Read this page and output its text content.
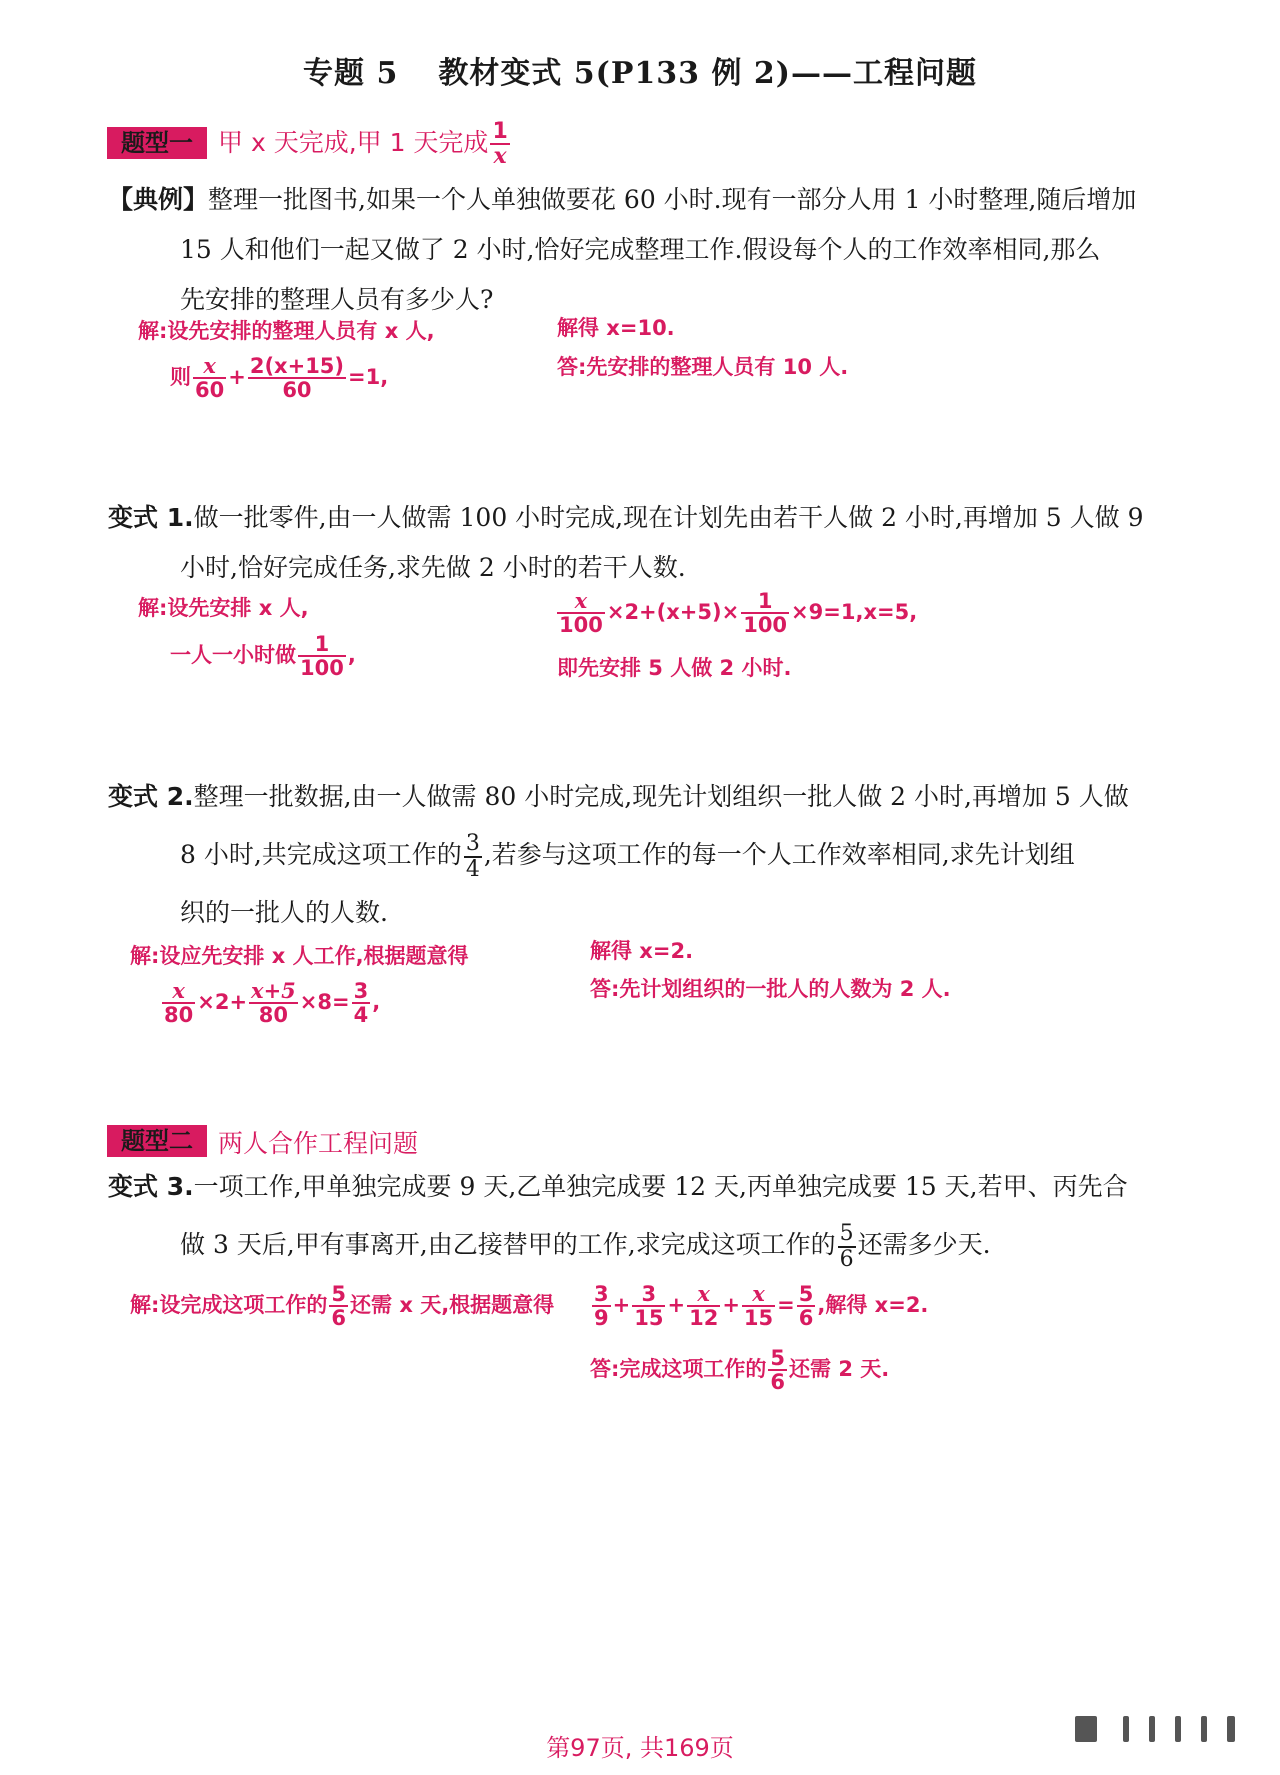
专题 5 教材变式 5(P133 例 2)——工程问题
题型一	甲 x 天完成,甲 1 天完成 $\frac{1}{x}$
【典例】整理一批图书,如果一个人单独做要花 60 小时.现有一部分人用 1 小时整理,随后增加
15 人和他们一起又做了 2 小时,恰好完成整理工作.假设每个人的工作效率相同,那么
先安排的整理人员有多少人?
解:设先安排的整理人员有 x 人,
则 $\frac{x}{60} + \frac{2(x+15)}{60} =1$,
解得 x=10.
答:先安排的整理人员有 10 人.
变式 1.做一批零件,由一人做需 100 小时完成,现在计划先由若干人做 2 小时,再增加 5 人做 9
小时,恰好完成任务,求先做 2 小时的若干人数.
解:设先安排 x 人,
一人一小时做 $\frac{1}{100}$ ,
$\frac{x}{100} \times 2+(x+5)\times \frac{1}{100} \times 9=1,x=5$,
即先安排 5 人做 2 小时.
变式 2.整理一批数据,由一人做需 80 小时完成,现先计划组织一批人做 2 小时,再增加 5 人做
8 小时,共完成这项工作的 $\frac{3}{4}$ ,若参与这项工作的每一个人工作效率相同,求先计划组
织的一批人的人数.
解:设应先安排 x 人工作,根据题意得
$\frac{x}{80} \times 2+ \frac{x+5}{80} \times 8= \frac{3}{4}$ ,
解得 x=2.
答:先计划组织的一批人的人数为 2 人.
题型二	两人合作工程问题
变式 3.一项工作,甲单独完成要 9 天,乙单独完成要 12 天,丙单独完成要 15 天,若甲、丙先合
做 3 天后,甲有事离开,由乙接替甲的工作,求完成这项工作的 $\frac{5}{6}$ 还需多少天.
解:设完成这项工作的 $\frac{5}{6}$ 还需 x 天,根据题意得 $\frac{3}{9} + \frac{3}{15} + \frac{x}{12} + \frac{x}{15} = \frac{5}{6}$ ,解得 x=2.
答:完成这项工作的 $\frac{5}{6}$ 还需 2 天.
第97页, 共169页
